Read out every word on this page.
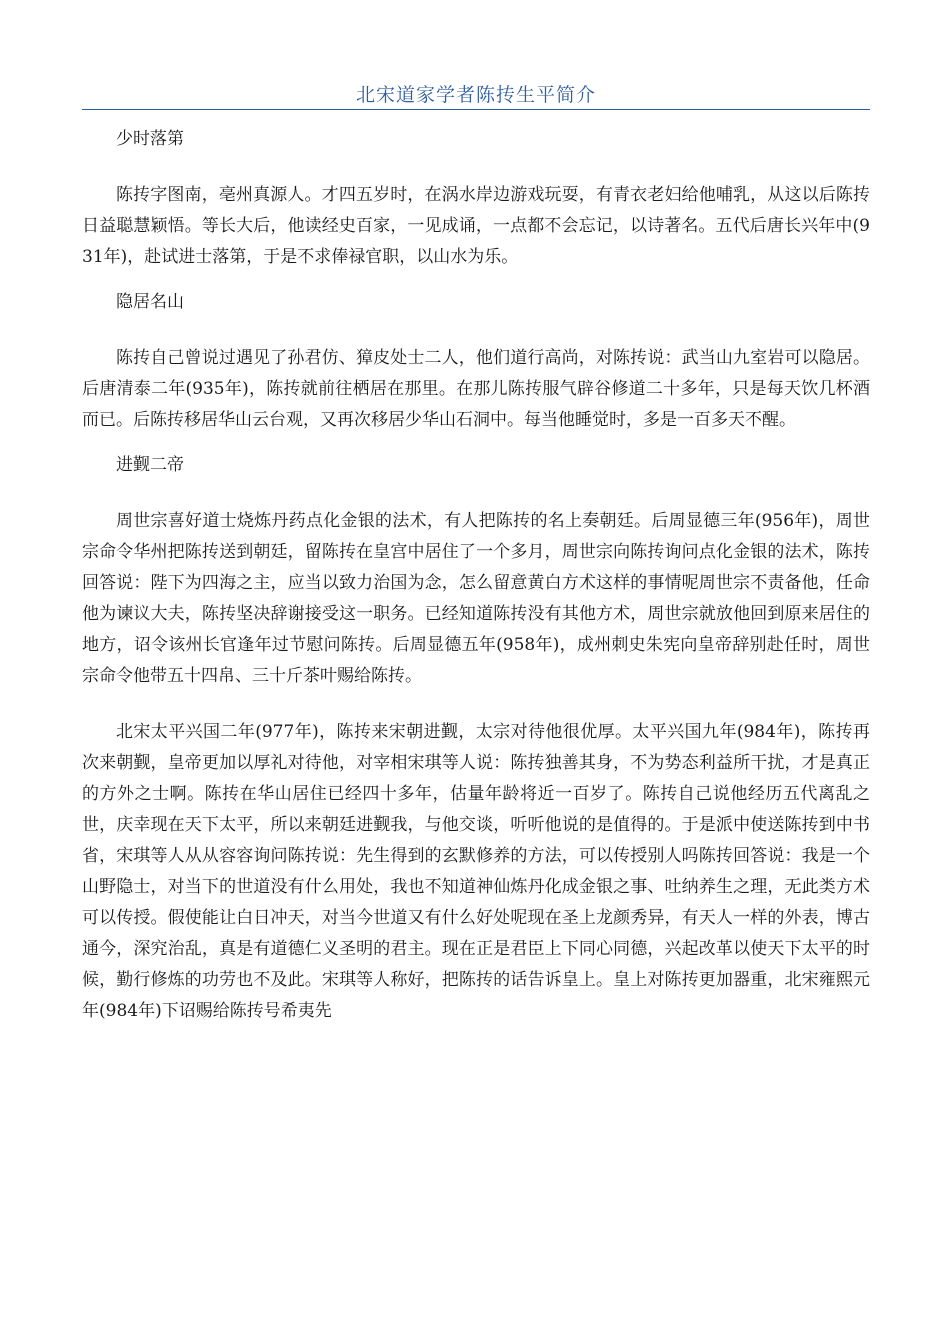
北宋道家学者陈抟生平简介
少时落第

陈抟字图南，亳州真源人。才四五岁时，在涡水岸边游戏玩耍，有青衣老妇给他哺乳，从这以后陈抟日益聪慧颖悟。等长大后，他读经史百家，一见成诵，一点都不会忘记，以诗著名。五代后唐长兴年中(931年)，赴试进士落第，于是不求俸禄官职，以山水为乐。

隐居名山

陈抟自己曾说过遇见了孙君仿、獐皮处士二人，他们道行高尚，对陈抟说：武当山九室岩可以隐居。后唐清泰二年(935年)，陈抟就前往栖居在那里。在那儿陈抟服气辟谷修道二十多年，只是每天饮几杯酒而已。后陈抟移居华山云台观，又再次移居少华山石洞中。每当他睡觉时，多是一百多天不醒。

进觐二帝

周世宗喜好道士烧炼丹药点化金银的法术，有人把陈抟的名上奏朝廷。后周显德三年(956年)，周世宗命令华州把陈抟送到朝廷，留陈抟在皇宫中居住了一个多月，周世宗向陈抟询问点化金银的法术，陈抟回答说：陛下为四海之主，应当以致力治国为念，怎么留意黄白方术这样的事情呢周世宗不责备他，任命他为谏议大夫，陈抟坚决辞谢接受这一职务。已经知道陈抟没有其他方术，周世宗就放他回到原来居住的地方，诏令该州长官逢年过节慰问陈抟。后周显德五年(958年)，成州刺史朱宪向皇帝辞别赴任时，周世宗命令他带五十四帛、三十斤茶叶赐给陈抟。

北宋太平兴国二年(977年)，陈抟来宋朝进觐，太宗对待他很优厚。太平兴国九年(984年)，陈抟再次来朝觐，皇帝更加以厚礼对待他，对宰相宋琪等人说：陈抟独善其身，不为势态利益所干扰，才是真正的方外之士啊。陈抟在华山居住已经四十多年，估量年龄将近一百岁了。陈抟自己说他经历五代离乱之世，庆幸现在天下太平，所以来朝廷进觐我，与他交谈，听听他说的是值得的。于是派中使送陈抟到中书省，宋琪等人从从容容询问陈抟说：先生得到的玄默修养的方法，可以传授别人吗陈抟回答说：我是一个山野隐士，对当下的世道没有什么用处，我也不知道神仙炼丹化成金银之事、吐纳养生之理，无此类方术可以传授。假使能让白日冲天，对当今世道又有什么好处呢现在圣上龙颜秀异，有天人一样的外表，博古通今，深究治乱，真是有道德仁义圣明的君主。现在正是君臣上下同心同德，兴起改革以使天下太平的时候，勤行修炼的功劳也不及此。宋琪等人称好，把陈抟的话告诉皇上。皇上对陈抟更加器重，北宋雍熙元年(984年)下诏赐给陈抟号希夷先
